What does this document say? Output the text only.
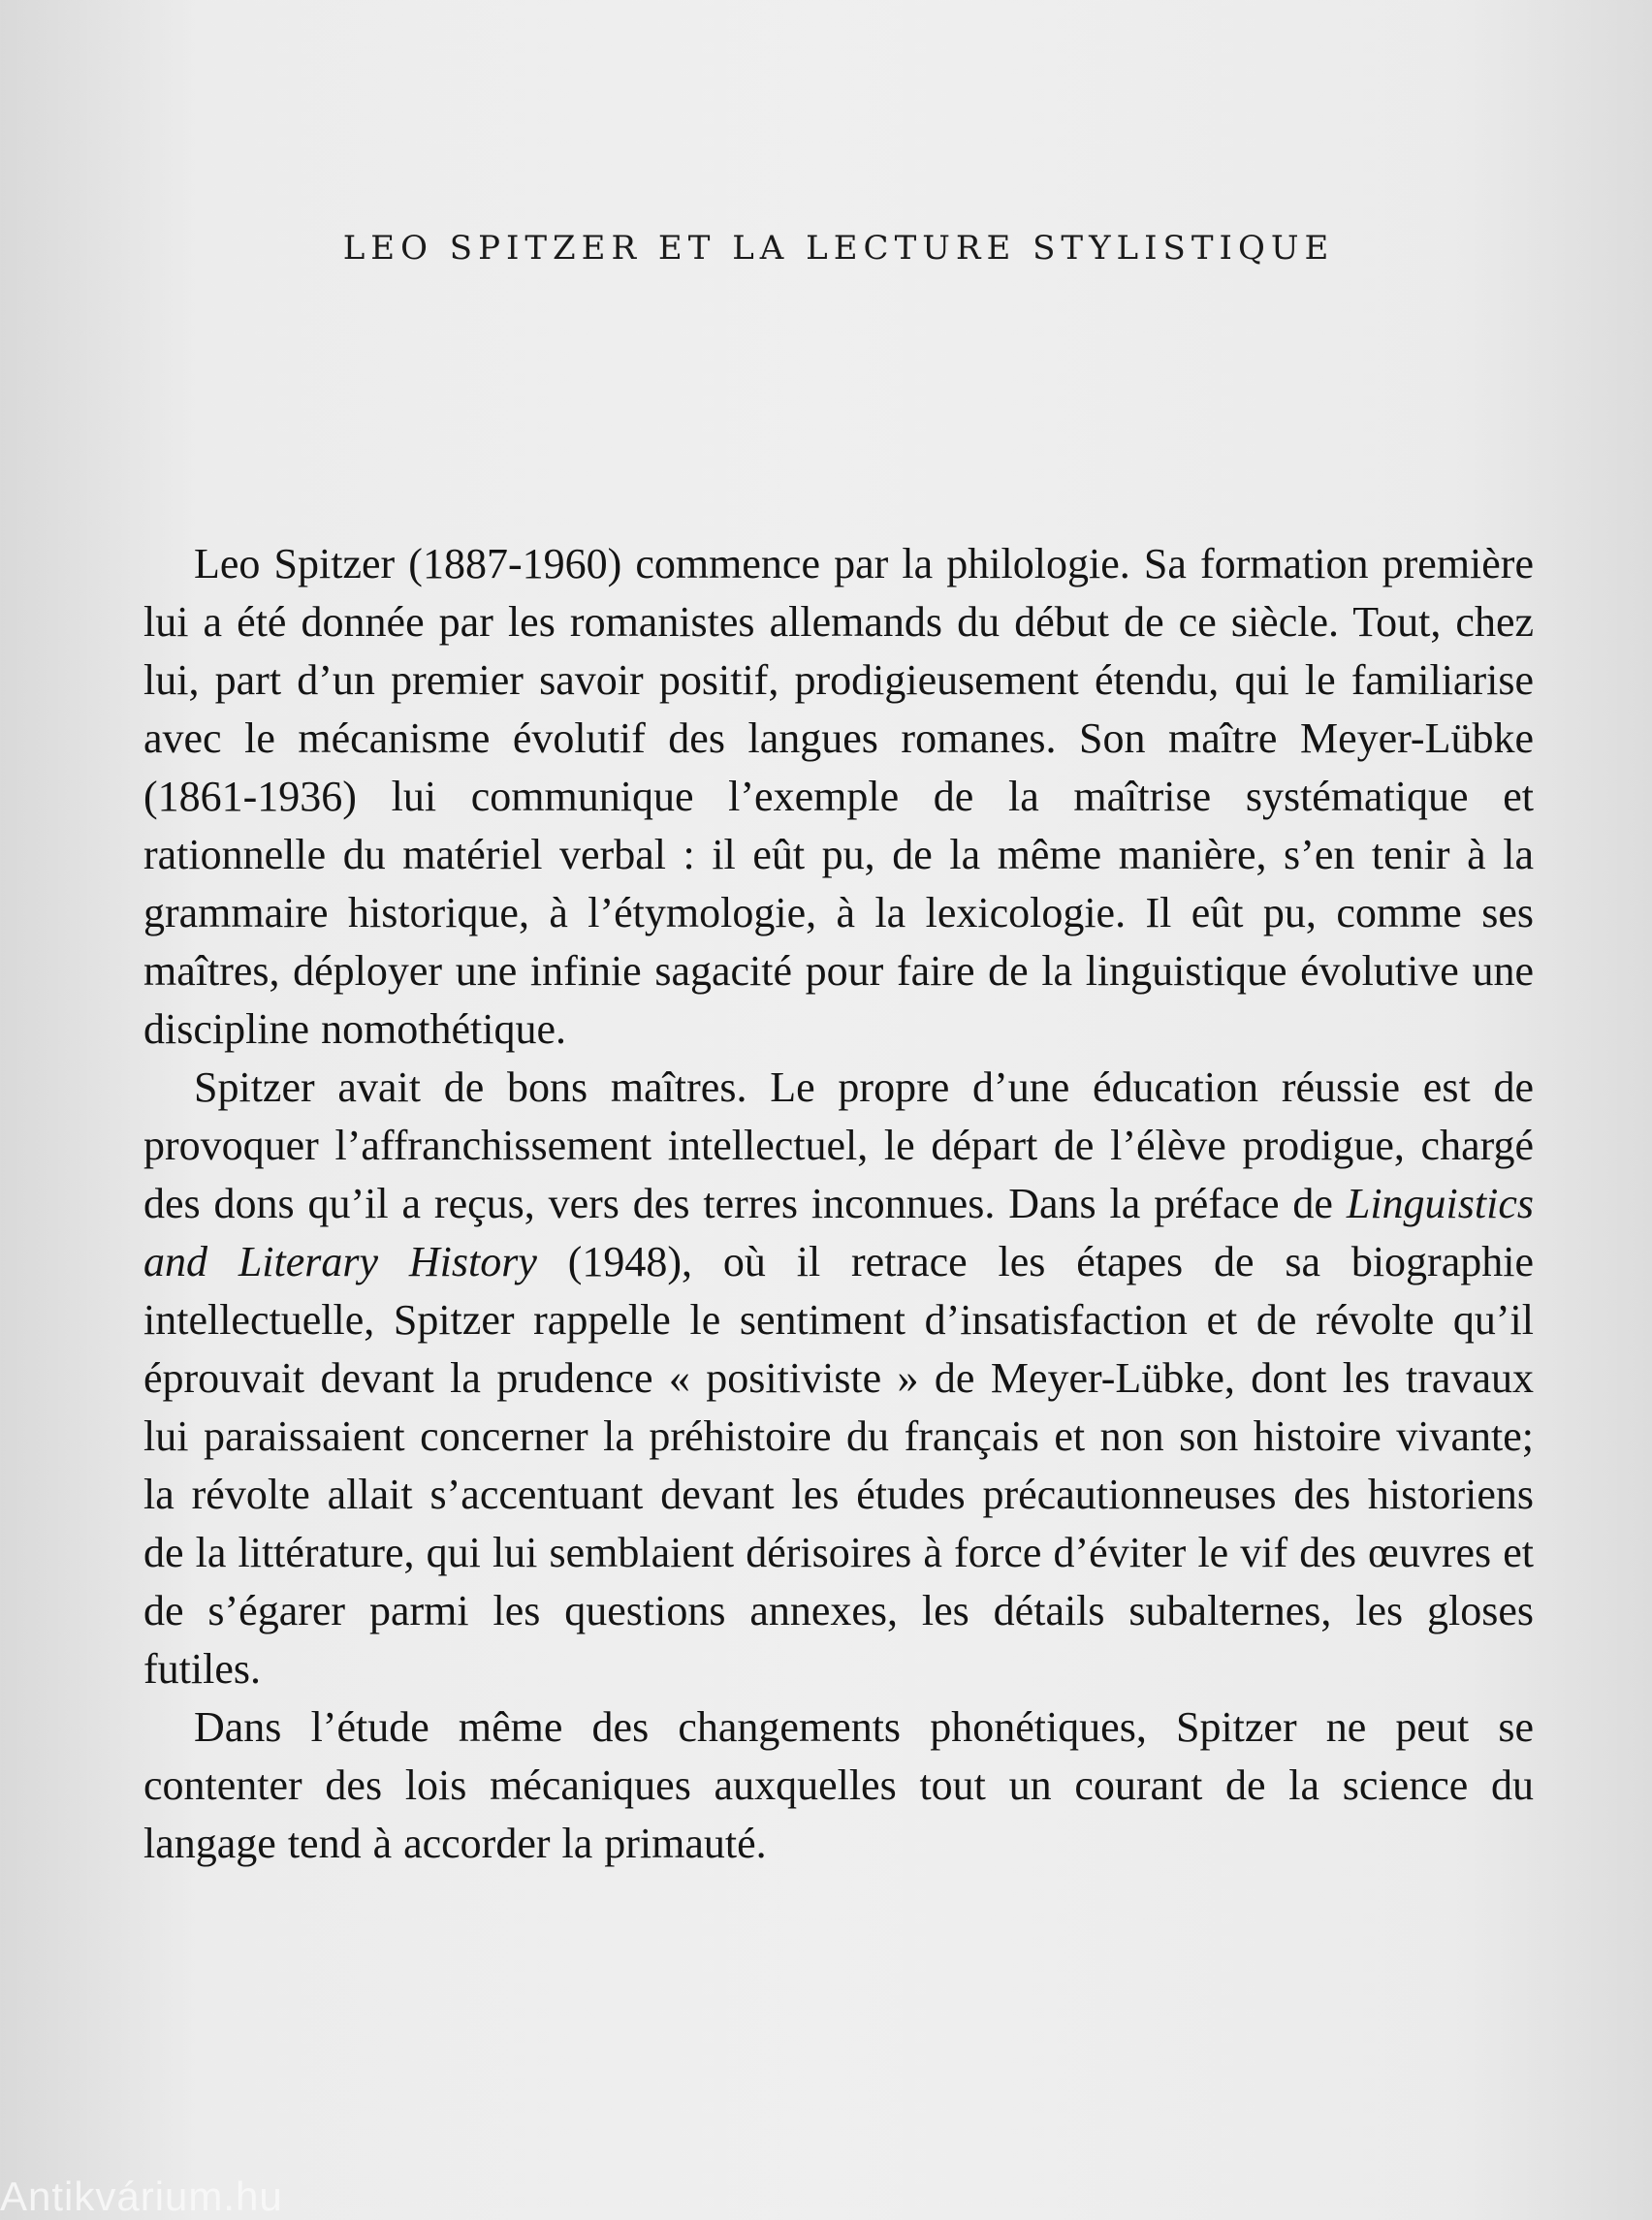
LEO SPITZER ET LA LECTURE STYLISTIQUE

Leo Spitzer (1887-1960) commence par la philologie. Sa formation première lui a été donnée par les romanistes allemands du début de ce siècle. Tout, chez lui, part d’un premier savoir positif, prodigieusement étendu, qui le familiarise avec le mécanisme évolutif des langues romanes. Son maître Meyer-Lübke (1861-1936) lui communique l’exemple de la maîtrise systématique et rationnelle du matériel verbal : il eût pu, de la même manière, s’en tenir à la grammaire historique, à l’étymologie, à la lexicologie. Il eût pu, comme ses maîtres, déployer une infinie sagacité pour faire de la linguistique évolutive une discipline nomothétique.

Spitzer avait de bons maîtres. Le propre d’une éducation réussie est de provoquer l’affranchissement intellectuel, le départ de l’élève prodigue, chargé des dons qu’il a reçus, vers des terres inconnues. Dans la préface de Linguistics and Literary History (1948), où il retrace les étapes de sa biographie intellectuelle, Spitzer rappelle le sentiment d’insatisfaction et de révolte qu’il éprouvait devant la prudence « positiviste » de Meyer-Lübke, dont les travaux lui paraissaient concerner la préhistoire du français et non son histoire vivante; la révolte allait s’accentuant devant les études précautionneuses des historiens de la littérature, qui lui semblaient dérisoires à force d’éviter le vif des œuvres et de s’égarer parmi les questions annexes, les détails subalternes, les gloses futiles.

Dans l’étude même des changements phonétiques, Spitzer ne peut se contenter des lois mécaniques auxquelles tout un courant de la science du langage tend à accorder la primauté.

Antikvárium.hu
